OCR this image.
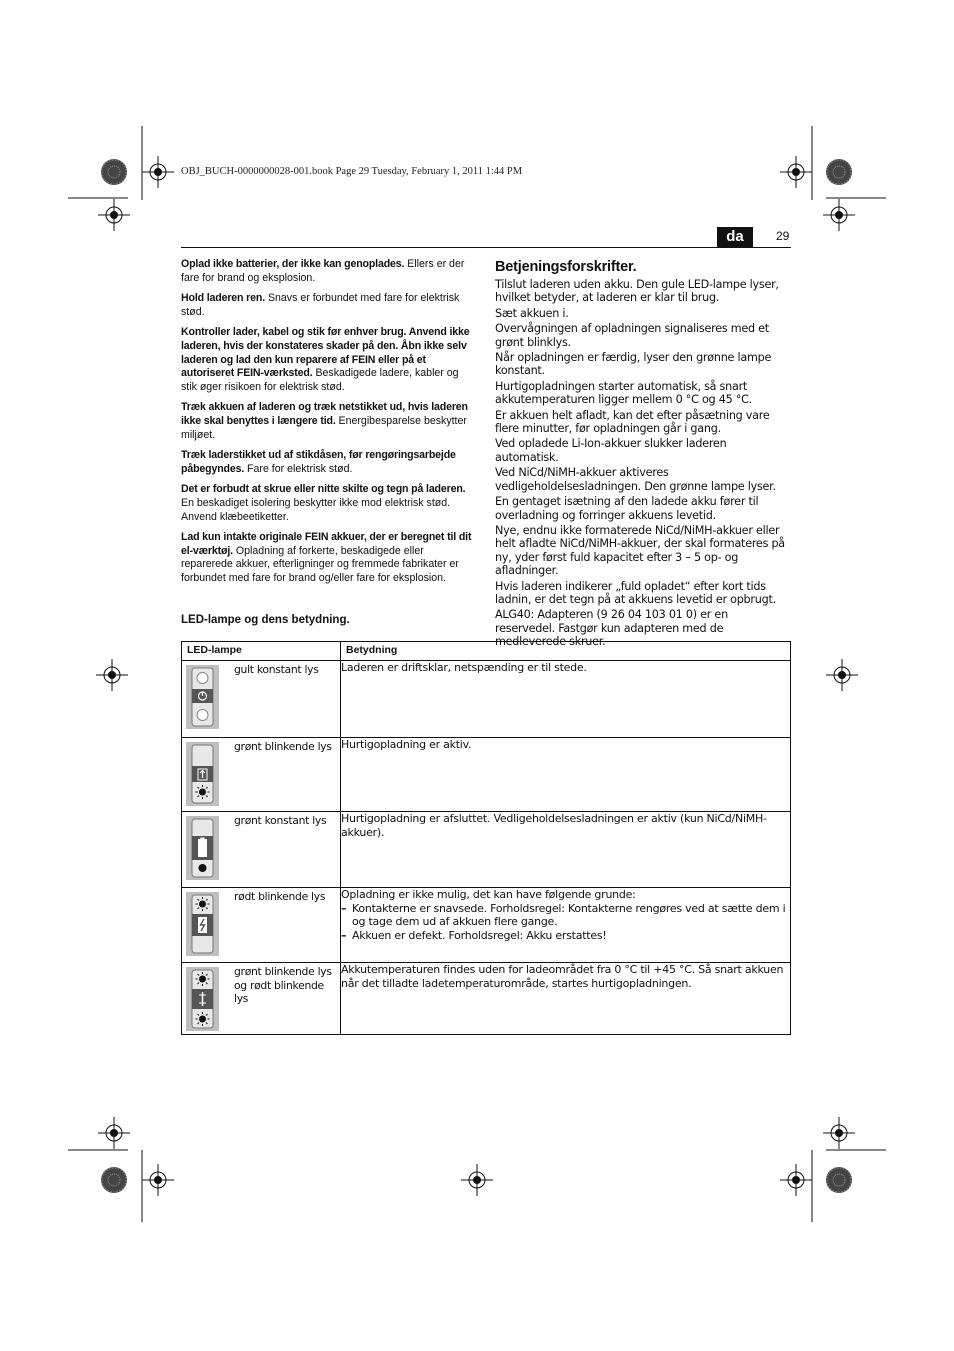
OBJ_BUCH-0000000028-001.book Page 29 Tuesday, February 1, 2011 1:44 PM
da	29

Oplad ikke batterier, der ikke kan genoplades. Ellers er der fare for brand og eksplosion.

Hold laderen ren. Snavs er forbundet med fare for elektrisk stød.

Kontroller lader, kabel og stik før enhver brug. Anvend ikke laderen, hvis der konstateres skader på den. Åbn ikke selv laderen og lad den kun reparere af FEIN eller på et autoriseret FEIN-værksted. Beskadigede ladere, kabler og stik øger risikoen for elektrisk stød.

Træk akkuen af laderen og træk netstikket ud, hvis laderen ikke skal benyttes i længere tid. Energibesparelse beskytter miljøet.

Træk laderstikket ud af stikdåsen, før rengøringsarbejde påbegyndes. Fare for elektrisk stød.

Det er forbudt at skrue eller nitte skilte og tegn på laderen. En beskadiget isolering beskytter ikke mod elektrisk stød. Anvend klæbeetiketter.

Lad kun intakte originale FEIN akkuer, der er beregnet til dit el-værktøj. Opladning af forkerte, beskadigede eller reparerede akkuer, efterligninger og fremmede fabrikater er forbundet med fare for brand og/eller fare for eksplosion.

Betjeningsforskrifter.

Tilslut laderen uden akku. Den gule LED-lampe lyser, hvilket betyder, at laderen er klar til brug.

Sæt akkuen i.

Overvågningen af opladningen signaliseres med et grønt blinklys.

Når opladningen er færdig, lyser den grønne lampe konstant.

Hurtigopladningen starter automatisk, så snart akkutemperaturen ligger mellem 0 °C og 45 °C.

Er akkuen helt afladt, kan det efter påsætning vare flere minutter, før opladningen går i gang.

Ved opladede Li-Ion-akkuer slukker laderen automatisk.

Ved NiCd/NiMH-akkuer aktiveres vedligeholdelsesladningen. Den grønne lampe lyser.

En gentaget isætning af den ladede akku fører til overladning og forringer akkuens levetid.

Nye, endnu ikke formaterede NiCd/NiMH-akkuer eller helt afladte NiCd/NiMH-akkuer, der skal formateres på ny, yder først fuld kapacitet efter 3 – 5 op- og afladninger.

Hvis laderen indikerer „fuld opladet“ efter kort tids ladnin, er det tegn på at akkuens levetid er opbrugt.

ALG40: Adapteren (9 26 04 103 01 0) er en reservedel. Fastgør kun adapteren med de medleverede skruer.

LED-lampe og dens betydning.
LED-lampe	Betydning

gult konstant lys	Laderen er driftsklar, netspænding er til stede.

grønt blinkende lys	Hurtigopladning er aktiv.

grønt konstant lys	Hurtigopladning er afsluttet. Vedligeholdelsesladningen er aktiv (kun NiCd/NiMH-akkuer).

rødt blinkende lys	Opladning er ikke mulig, det kan have følgende grunde:
– Kontakterne er snavsede. Forholdsregel: Kontakterne rengøres ved at sætte dem i og tage dem ud af akkuen flere gange.
– Akkuen er defekt. Forholdsregel: Akku erstattes!

grønt blinkende lys og rødt blinkende lys	Akkutemperaturen findes uden for ladeområdet fra 0 °C til +45 °C. Så snart akkuen når det tilladte ladetemperaturområde, startes hurtigopladningen.
